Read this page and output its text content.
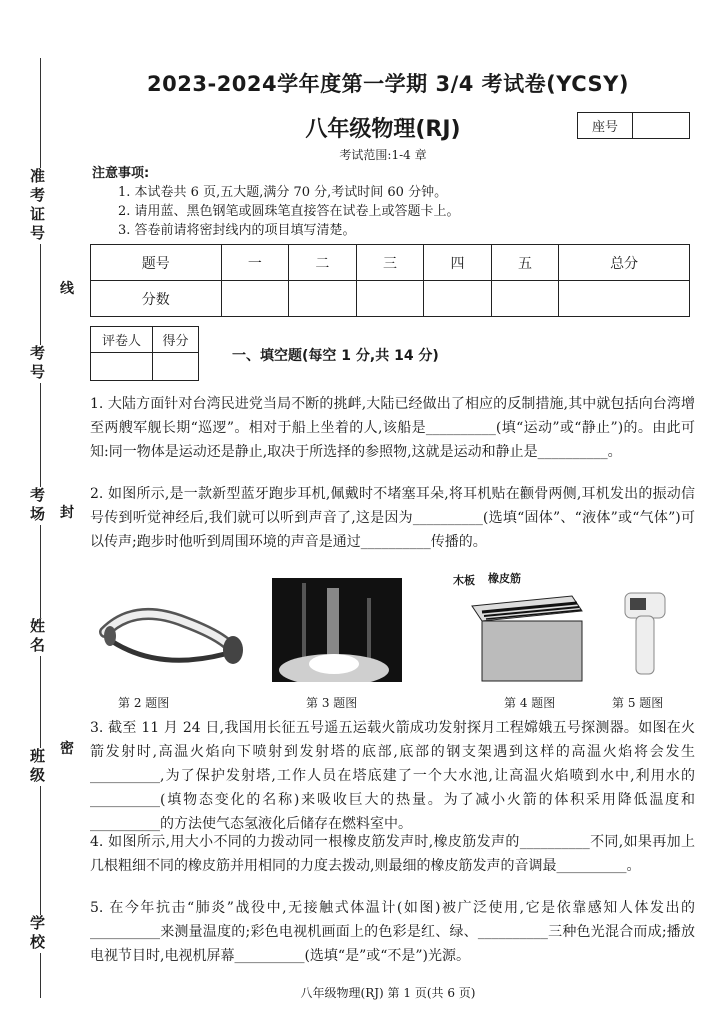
准考证号
考号
考场
姓名
班级
学校
线
封
密
2023-2024学年度第一学期 3/4 考试卷(YCSY)
八年级物理(RJ)	座号
考试范围:1-4 章
注意事项:
1. 本试卷共 6 页,五大题,满分 70 分,考试时间 60 分钟。
2. 请用蓝、黑色钢笔或圆珠笔直接答在试卷上或答题卡上。
3. 答卷前请将密封线内的项目填写清楚。
题号	一	二	三	四	五	总分
分数						
评卷人	得分

一、填空题(每空 1 分,共 14 分)
1. 大陆方面针对台湾民进党当局不断的挑衅,大陆已经做出了相应的反制措施,其中就包括向台湾增至两艘军舰长期“巡逻”。相对于船上坐着的人,该船是__________(填“运动”或“静止”)的。由此可知:同一物体是运动还是静止,取决于所选择的参照物,这就是运动和静止是__________。
2. 如图所示,是一款新型蓝牙跑步耳机,佩戴时不堵塞耳朵,将耳机贴在颧骨两侧,耳机发出的振动信号传到听觉神经后,我们就可以听到声音了,这是因为__________(选填“固体”、“液体”或“气体”)可以传声;跑步时他听到周围环境的声音是通过__________传播的。
木板 橡皮筋
第 2 题图	第 3 题图	第 4 题图	第 5 题图
3. 截至 11 月 24 日,我国用长征五号遥五运载火箭成功发射探月工程嫦娥五号探测器。如图在火箭发射时,高温火焰向下喷射到发射塔的底部,底部的钢支架遇到这样的高温火焰将会发生__________,为了保护发射塔,工作人员在塔底建了一个大水池,让高温火焰喷到水中,利用水的__________(填物态变化的名称)来吸收巨大的热量。为了减小火箭的体积采用降低温度和__________的方法使气态氢液化后储存在燃料室中。
4. 如图所示,用大小不同的力拨动同一根橡皮筋发声时,橡皮筋发声的__________不同,如果再加上几根粗细不同的橡皮筋并用相同的力度去拨动,则最细的橡皮筋发声的音调最__________。
5. 在今年抗击“肺炎”战役中,无接触式体温计(如图)被广泛使用,它是依靠感知人体发出的__________来测量温度的;彩色电视机画面上的色彩是红、绿、__________三种色光混合而成;播放电视节目时,电视机屏幕__________(选填“是”或“不是”)光源。
八年级物理(RJ) 第 1 页(共 6 页)
